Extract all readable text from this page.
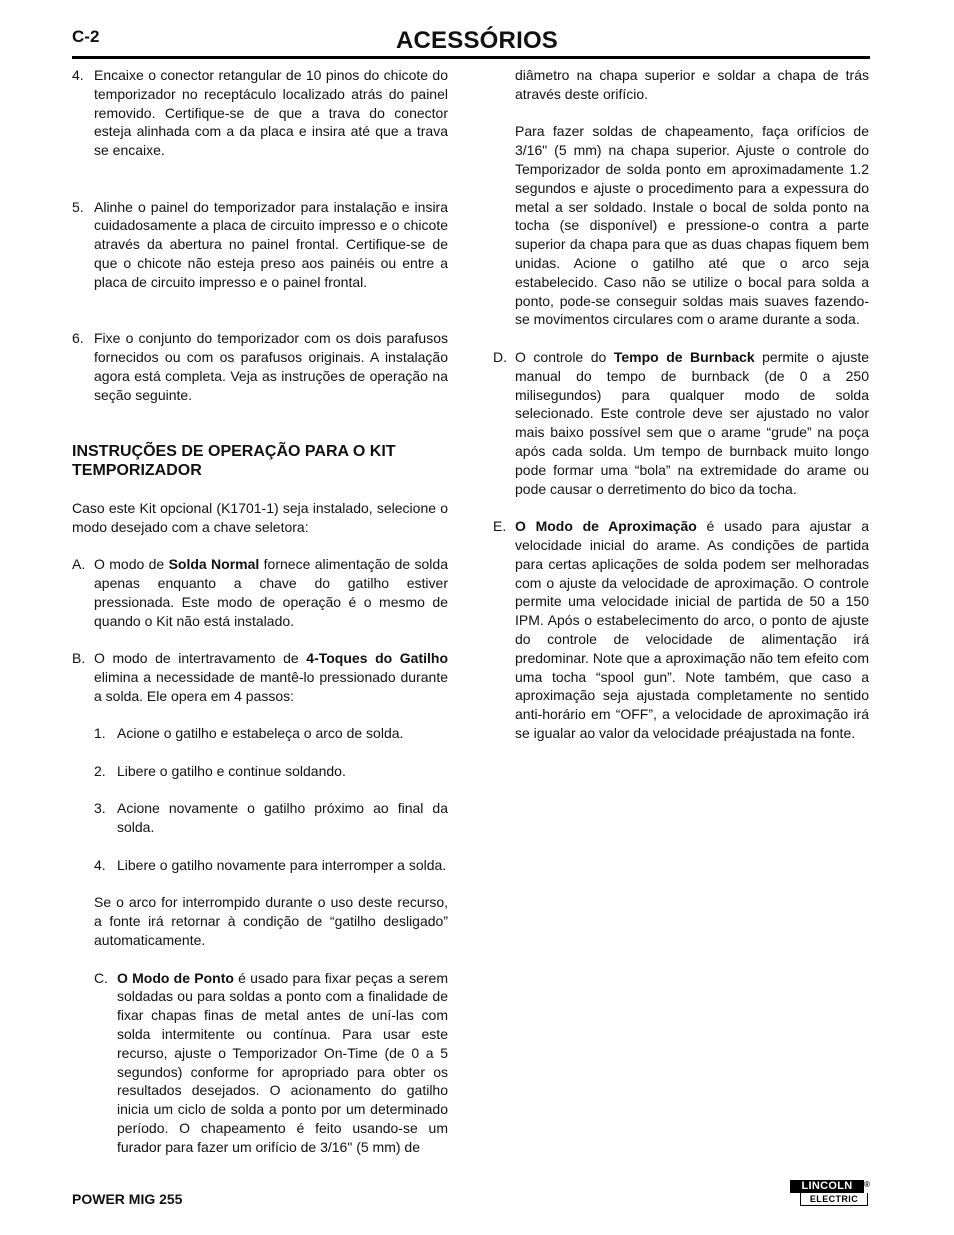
C-2	ACESSÓRIOS
4. Encaixe o conector retangular de 10 pinos do chicote do temporizador no receptáculo localizado atrás do painel removido. Certifique-se de que a trava do conector esteja alinhada com a da placa e insira até que a trava se encaixe.
5. Alinhe o painel do temporizador para instalação e insira cuidadosamente a placa de circuito impresso e o chicote através da abertura no painel frontal. Certifique-se de que o chicote não esteja preso aos painéis ou entre a placa de circuito impresso e o painel frontal.
6. Fixe o conjunto do temporizador com os dois parafusos fornecidos ou com os parafusos originais. A instalação agora está completa. Veja as instruções de operação na seção seguinte.
INSTRUÇÕES DE OPERAÇÃO PARA O KIT TEMPORIZADOR

Caso este Kit opcional (K1701-1) seja instalado, selecione o modo desejado com a chave seletora:

A. O modo de Solda Normal fornece alimentação de solda apenas enquanto a chave do gatilho estiver pressionada. Este modo de operação é o mesmo de quando o Kit não está instalado.
B. O modo de intertravamento de 4-Toques do Gatilho elimina a necessidade de mantê-lo pressionado durante a solda. Ele opera em 4 passos:
1. Acione o gatilho e estabeleça o arco de solda.
2. Libere o gatilho e continue soldando.
3. Acione novamente o gatilho próximo ao final da solda.
4. Libere o gatilho novamente para interromper a solda.

Se o arco for interrompido durante o uso deste recurso, a fonte irá retornar à condição de “gatilho desligado” automaticamente.

C. O Modo de Ponto é usado para fixar peças a serem soldadas ou para soldas a ponto com a finalidade de fixar chapas finas de metal antes de uní-las com solda intermitente ou contínua. Para usar este recurso, ajuste o Temporizador On-Time (de 0 a 5 segundos) conforme for apropriado para obter os resultados desejados. O acionamento do gatilho inicia um ciclo de solda a ponto por um determinado período. O chapeamento é feito usando-se um furador para fazer um orifício de 3/16" (5 mm) de

diâmetro na chapa superior e soldar a chapa de trás através deste orifício.

Para fazer soldas de chapeamento, faça orifícios de 3/16" (5 mm) na chapa superior. Ajuste o controle do Temporizador de solda ponto em aproximadamente 1.2 segundos e ajuste o procedimento para a expessura do metal a ser soldado. Instale o bocal de solda ponto na tocha (se disponível) e pressione-o contra a parte superior da chapa para que as duas chapas fiquem bem unidas. Acione o gatilho até que o arco seja estabelecido. Caso não se utilize o bocal para solda a ponto, pode-se conseguir soldas mais suaves fazendo-se movimentos circulares com o arame durante a soda.

D. O controle do Tempo de Burnback permite o ajuste manual do tempo de burnback (de 0 a 250 milisegundos) para qualquer modo de solda selecionado. Este controle deve ser ajustado no valor mais baixo possível sem que o arame “grude” na poça após cada solda. Um tempo de burnback muito longo pode formar uma “bola” na extremidade do arame ou pode causar o derretimento do bico da tocha.
E. O Modo de Aproximação é usado para ajustar a velocidade inicial do arame. As condições de partida para certas aplicações de solda podem ser melhoradas com o ajuste da velocidade de aproximação. O controle permite uma velocidade inicial de partida de 50 a 150 IPM. Após o estabelecimento do arco, o ponto de ajuste do controle de velocidade de alimentação irá predominar. Note que a aproximação não tem efeito com uma tocha “spool gun”. Note também, que caso a aproximação seja ajustada completamente no sentido anti-horário em “OFF”, a velocidade de aproximação irá se igualar ao valor da velocidade préajustada na fonte.
POWER MIG 255
LINCOLN
ELECTRIC
®
